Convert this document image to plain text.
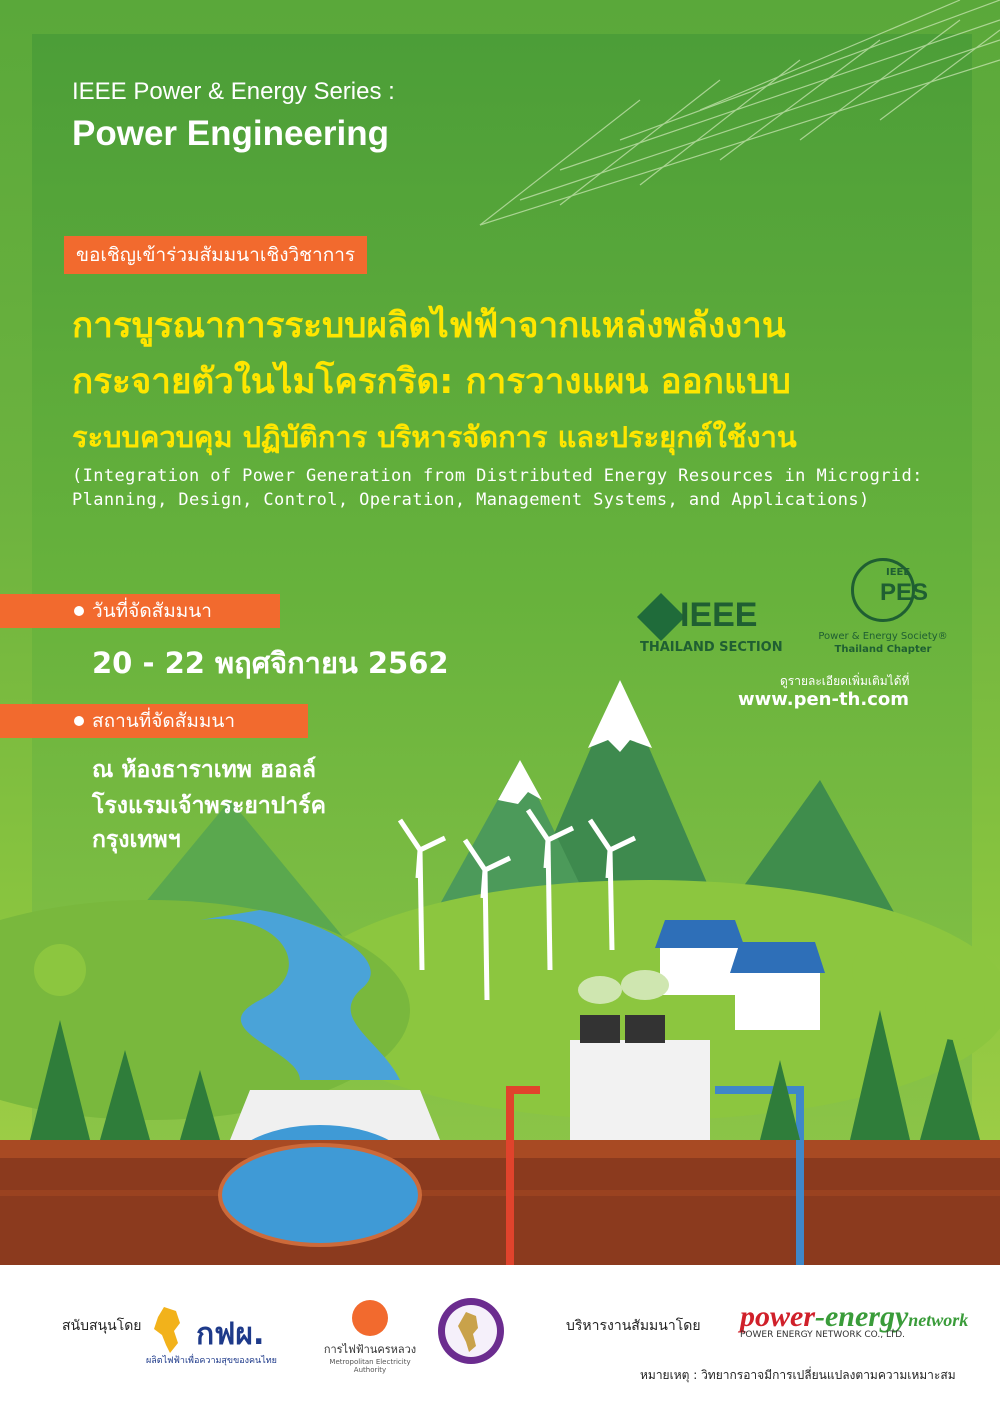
IEEE Power & Energy Series :
Power Engineering
ขอเชิญเข้าร่วมสัมมนาเชิงวิชาการ
การบูรณาการระบบผลิตไฟฟ้าจากแหล่งพลังงาน
กระจายตัวในไมโครกริด: การวางแผน ออกแบบ
ระบบควบคุม ปฏิบัติการ บริหารจัดการ และประยุกต์ใช้งาน
(Integration of Power Generation from Distributed Energy Resources in Microgrid:
Planning, Design, Control, Operation, Management Systems, and Applications)
วันที่จัดสัมมนา
20 - 22 พฤศจิกายน 2562
สถานที่จัดสัมมนา
ณ ห้องธาราเทพ ฮอลล์
โรงแรมเจ้าพระยาปาร์ค
กรุงเทพฯ
IEEE
THAILAND SECTION
IEEE
PES
Power & Energy Society®
Thailand Chapter
ดูรายละเอียดเพิ่มเติมได้ที่
www.pen-th.com
สนับสนุนโดย กฟผ.
ผลิตไฟฟ้าเพื่อความสุขของคนไทย
การไฟฟ้านครหลวง
Metropolitan Electricity Authority
บริหารงานสัมมนาโดย power-energynetwork
POWER ENERGY NETWORK CO., LTD.
หมายเหตุ : วิทยากรอาจมีการเปลี่ยนแปลงตามความเหมาะสม
